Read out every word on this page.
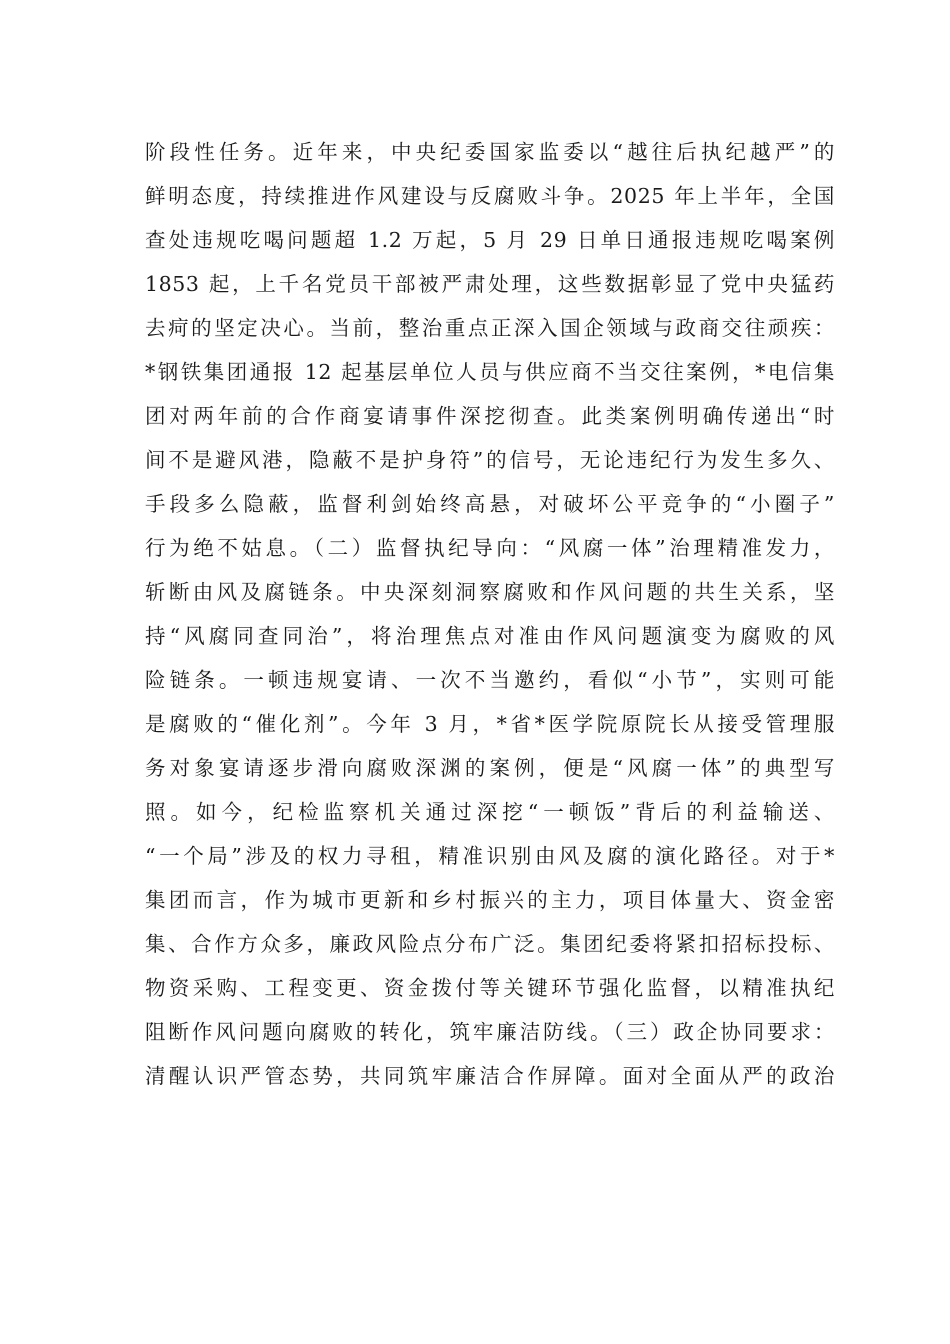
阶段性任务。近年来，中央纪委国家监委以“越往后执纪越严”的
鲜明态度，持续推进作风建设与反腐败斗争。2025 年上半年，全国
查处违规吃喝问题超 1.2 万起，5 月 29 日单日通报违规吃喝案例
1853 起，上千名党员干部被严肃处理，这些数据彰显了党中央猛药
去疴的坚定决心。当前，整治重点正深入国企领域与政商交往顽疾：
*钢铁集团通报 12 起基层单位人员与供应商不当交往案例，*电信集
团对两年前的合作商宴请事件深挖彻查。此类案例明确传递出“时
间不是避风港，隐蔽不是护身符”的信号，无论违纪行为发生多久、
手段多么隐蔽，监督利剑始终高悬，对破坏公平竞争的“小圈子”
行为绝不姑息。（二）监督执纪导向：“风腐一体”治理精准发力，
斩断由风及腐链条。中央深刻洞察腐败和作风问题的共生关系，坚
持“风腐同查同治”，将治理焦点对准由作风问题演变为腐败的风
险链条。一顿违规宴请、一次不当邀约，看似“小节”，实则可能
是腐败的“催化剂”。今年 3 月，*省*医学院原院长从接受管理服
务对象宴请逐步滑向腐败深渊的案例，便是“风腐一体”的典型写
照。如今，纪检监察机关通过深挖“一顿饭”背后的利益输送、
“一个局”涉及的权力寻租，精准识别由风及腐的演化路径。对于*
集团而言，作为城市更新和乡村振兴的主力，项目体量大、资金密
集、合作方众多，廉政风险点分布广泛。集团纪委将紧扣招标投标、
物资采购、工程变更、资金拨付等关键环节强化监督，以精准执纪
阻断作风问题向腐败的转化，筑牢廉洁防线。（三）政企协同要求：
清醒认识严管态势，共同筑牢廉洁合作屏障。面对全面从严的政治
